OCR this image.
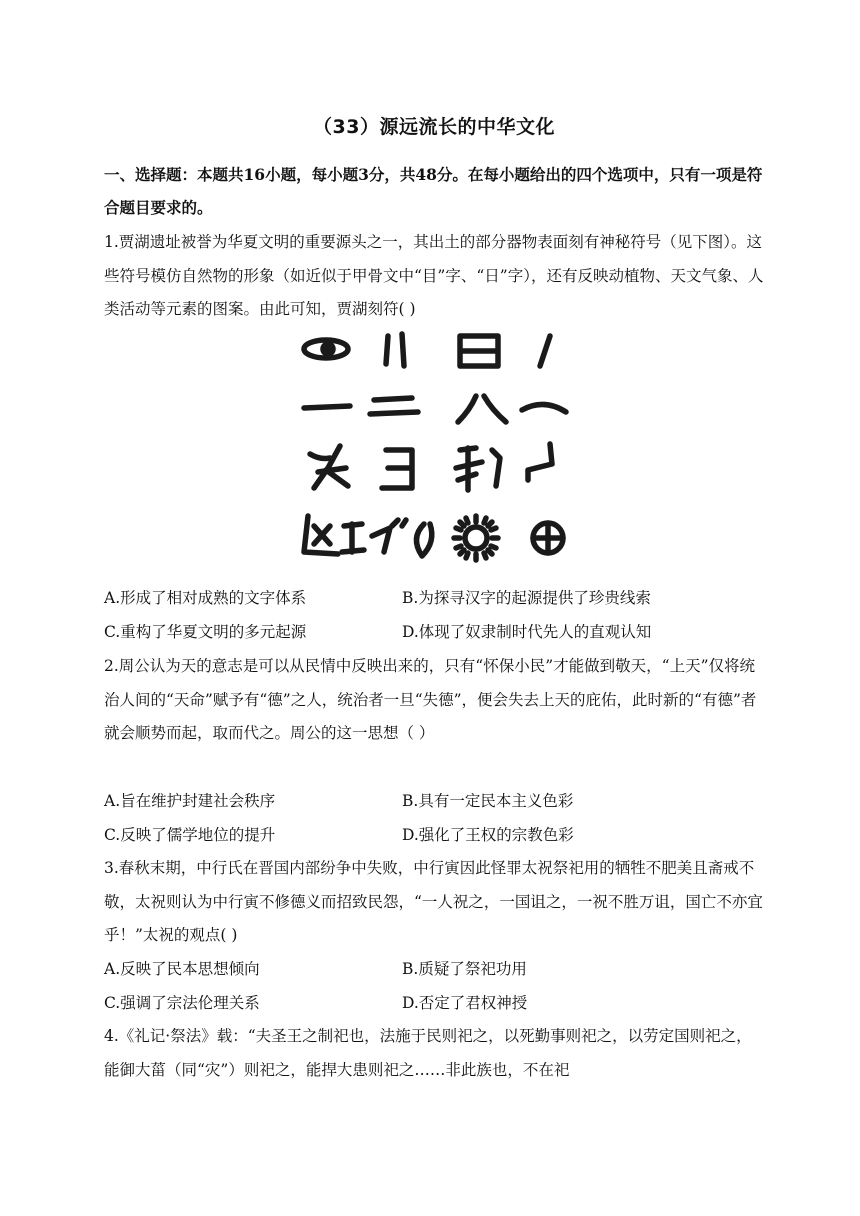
（33）源远流长的中华文化
一、选择题：本题共16小题，每小题3分，共48分。在每小题给出的四个选项中，只有一项是符合题目要求的。
1.贾湖遗址被誉为华夏文明的重要源头之一，其出土的部分器物表面刻有神秘符号（见下图）。这些符号模仿自然物的形象（如近似于甲骨文中“目”字、“日”字），还有反映动植物、天文气象、人类活动等元素的图案。由此可知，贾湖刻符( )
A.形成了相对成熟的文字体系	B.为探寻汉字的起源提供了珍贵线索
C.重构了华夏文明的多元起源	D.体现了奴隶制时代先人的直观认知
2.周公认为天的意志是可以从民情中反映出来的，只有“怀保小民”才能做到敬天，“上天”仅将统治人间的“天命”赋予有“德”之人，统治者一旦“失德”，便会失去上天的庇佑，此时新的“有德”者就会顺势而起，取而代之。周公的这一思想（ ）
A.旨在维护封建社会秩序	B.具有一定民本主义色彩
C.反映了儒学地位的提升	D.强化了王权的宗教色彩
3.春秋末期，中行氏在晋国内部纷争中失败，中行寅因此怪罪太祝祭祀用的牺牲不肥美且斋戒不敬，太祝则认为中行寅不修德义而招致民怨，“一人祝之，一国诅之，一祝不胜万诅，国亡不亦宜乎！”太祝的观点( )
A.反映了民本思想倾向	B.质疑了祭祀功用
C.强调了宗法伦理关系	D.否定了君权神授
4.《礼记·祭法》载：“夫圣王之制祀也，法施于民则祀之，以死勤事则祀之，以劳定国则祀之，能御大菑（同“灾”）则祀之，能捍大患则祀之……非此族也，不在祀
